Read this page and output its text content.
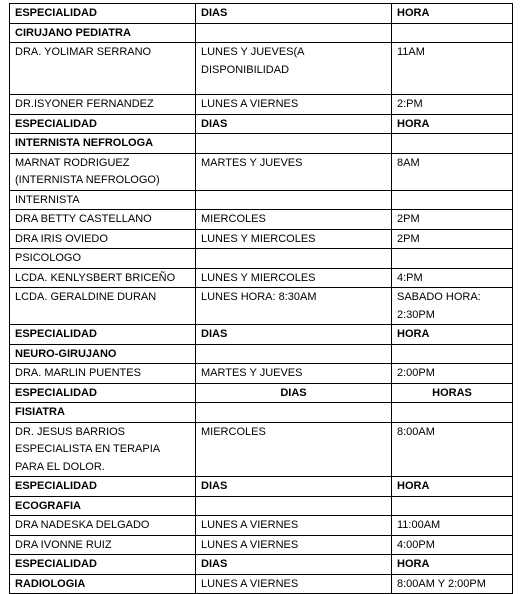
ESPECIALIDAD	DIAS	HORA
CIRUJANO PEDIATRA		
DRA. YOLIMAR SERRANO	LUNES Y JUEVES(A DISPONIBILIDAD	11AM
DR.ISYONER FERNANDEZ	LUNES A VIERNES	2:PM
ESPECIALIDAD	DIAS	HORA
INTERNISTA NEFROLOGA		
MARNAT RODRIGUEZ (INTERNISTA NEFROLOGO)	MARTES Y JUEVES	8AM
INTERNISTA		
DRA BETTY CASTELLANO	MIERCOLES	2PM
DRA IRIS OVIEDO	LUNES Y MIERCOLES	2PM
PSICOLOGO		
LCDA. KENLYSBERT BRICEÑO	LUNES Y MIERCOLES	4:PM
LCDA. GERALDINE DURAN	LUNES HORA: 8:30AM	SABADO HORA: 2:30PM
ESPECIALIDAD	DIAS	HORA
NEURO-GIRUJANO		
DRA. MARLIN PUENTES	MARTES Y JUEVES	2:00PM
ESPECIALIDAD	DIAS	HORAS
FISIATRA		
DR. JESUS BARRIOS ESPECIALISTA EN TERAPIA PARA EL DOLOR.	MIERCOLES	8:00AM
ESPECIALIDAD	DIAS	HORA
ECOGRAFIA		
DRA NADESKA DELGADO	LUNES A VIERNES	11:00AM
DRA IVONNE RUIZ	LUNES A VIERNES	4:00PM
ESPECIALIDAD	DIAS	HORA
RADIOLOGIA	LUNES A VIERNES	8:00AM Y 2:00PM
